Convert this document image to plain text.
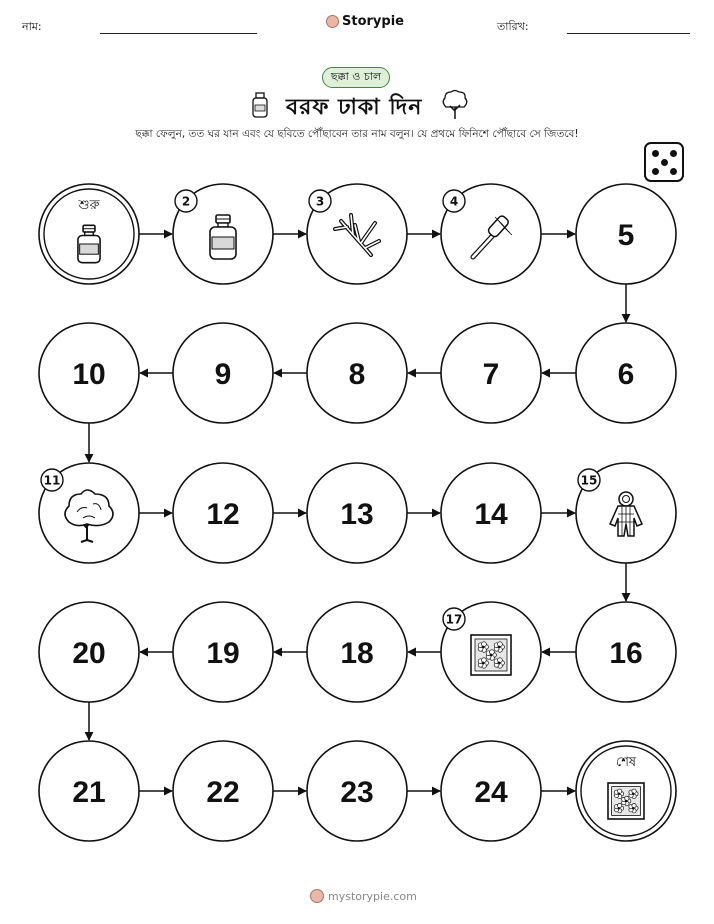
নাম:	Storypie	তারিখ:
ছক্কা ও চাল
বরফ ঢাকা দিন
ছক্কা ফেলুন, তত ঘর যান এবং যে ছবিতে পৌঁছাবেন তার নাম বলুন। যে প্রথমে ফিনিশে পৌঁছাবে সে জিতবে!
শুরু	2	3	4
5
6
7
8
9
10
11
12	13	14
15
16
17
18
19
20
21	22	23	24
শেষ
mystorypie.com
